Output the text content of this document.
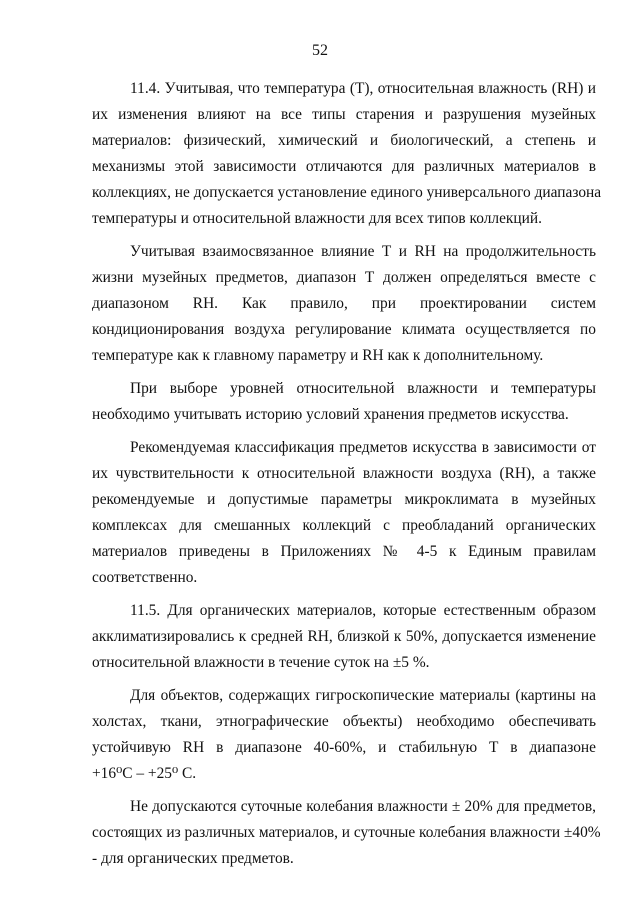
52
11.4. Учитывая, что температура (Т), относительная влажность (RH) и
их изменения влияют на все типы старения и разрушения музейных
материалов: физический, химический и биологический, а степень и
механизмы этой зависимости отличаются для различных материалов в
коллекциях, не допускается установление единого универсального диапазона
температуры и относительной влажности для всех типов коллекций.
Учитывая взаимосвязанное влияние Т и RH на продолжительность
жизни музейных предметов, диапазон Т должен определяться вместе с
диапазоном RH. Как правило, при проектировании систем
кондиционирования воздуха регулирование климата осуществляется по
температуре как к главному параметру и RH как к дополнительному.
При выборе уровней относительной влажности и температуры
необходимо учитывать историю условий хранения предметов искусства.
Рекомендуемая классификация предметов искусства в зависимости от
их чувствительности к относительной влажности воздуха (RH), а также
рекомендуемые и допустимые параметры микроклимата в музейных
комплексах для смешанных коллекций с преобладаний органических
материалов приведены в Приложениях № 4-5 к Единым правилам
соответственно.
11.5. Для органических материалов, которые естественным образом
акклиматизировались к средней RH, близкой к 50%, допускается изменение
относительной влажности в течение суток на ±5 %.
Для объектов, содержащих гигроскопические материалы (картины на
холстах, ткани, этнографические объекты) необходимо обеспечивать
устойчивую RH в диапазоне 40-60%, и стабильную Т в диапазоне
+16⁰С – +25⁰ С.
Не допускаются суточные колебания влажности ± 20% для предметов,
состоящих из различных материалов, и суточные колебания влажности ±40%
- для органических предметов.
